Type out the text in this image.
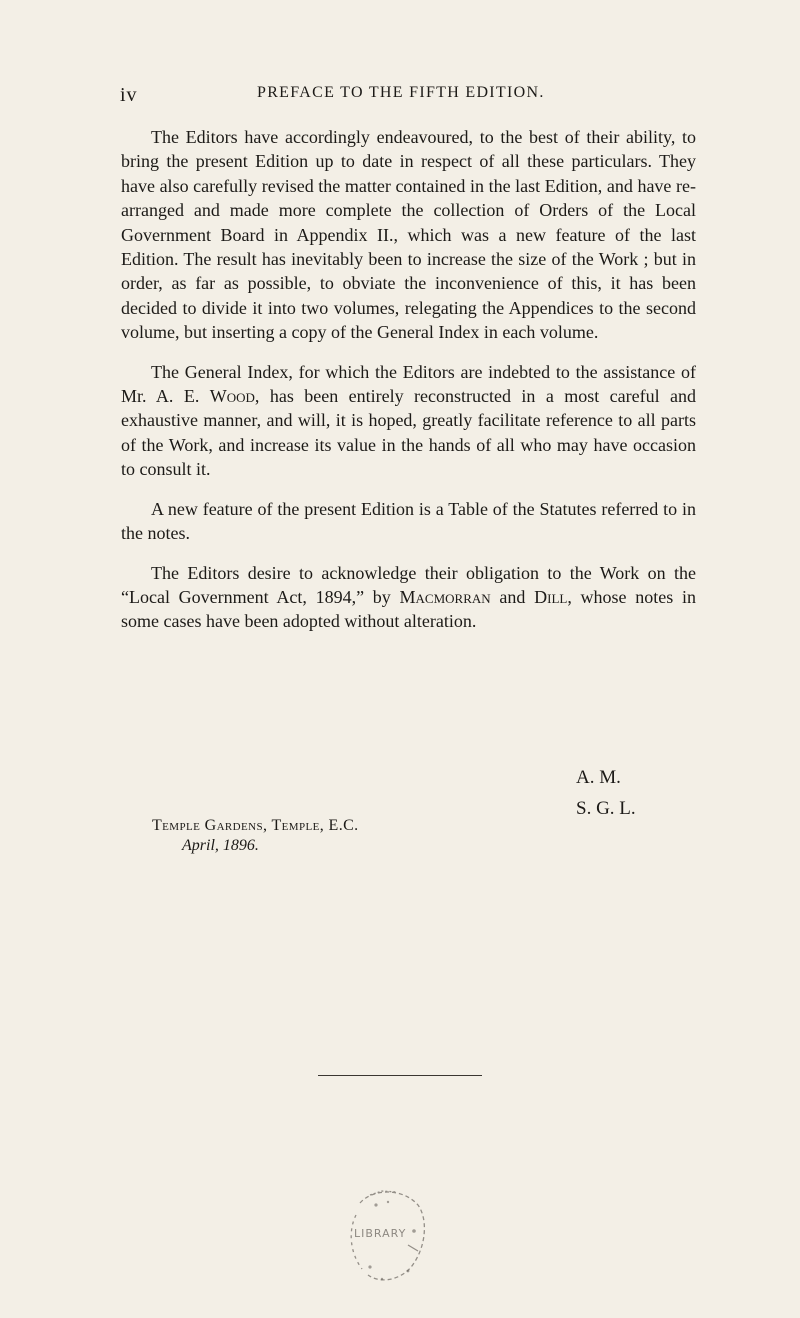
iv	PREFACE TO THE FIFTH EDITION.

The Editors have accordingly endeavoured, to the best of their ability, to bring the present Edition up to date in respect of all these particulars. They have also carefully revised the matter contained in the last Edition, and have re-arranged and made more complete the collection of Orders of the Local Government Board in Appendix II., which was a new feature of the last Edition. The result has inevitably been to increase the size of the Work ; but in order, as far as possible, to obviate the inconvenience of this, it has been decided to divide it into two volumes, relegating the Appendices to the second volume, but inserting a copy of the General Index in each volume.

The General Index, for which the Editors are indebted to the assistance of Mr. A. E. Wood, has been entirely reconstructed in a most careful and exhaustive manner, and will, it is hoped, greatly facilitate reference to all parts of the Work, and increase its value in the hands of all who may have occasion to consult it.

A new feature of the present Edition is a Table of the Statutes referred to in the notes.

The Editors desire to acknowledge their obligation to the Work on the “Local Government Act, 1894,” by Macmorran and Dill, whose notes in some cases have been adopted without alteration.

A. M.
S. G. L.
Temple Gardens, Temple, E.C.
April, 1896.
LIBRARY
